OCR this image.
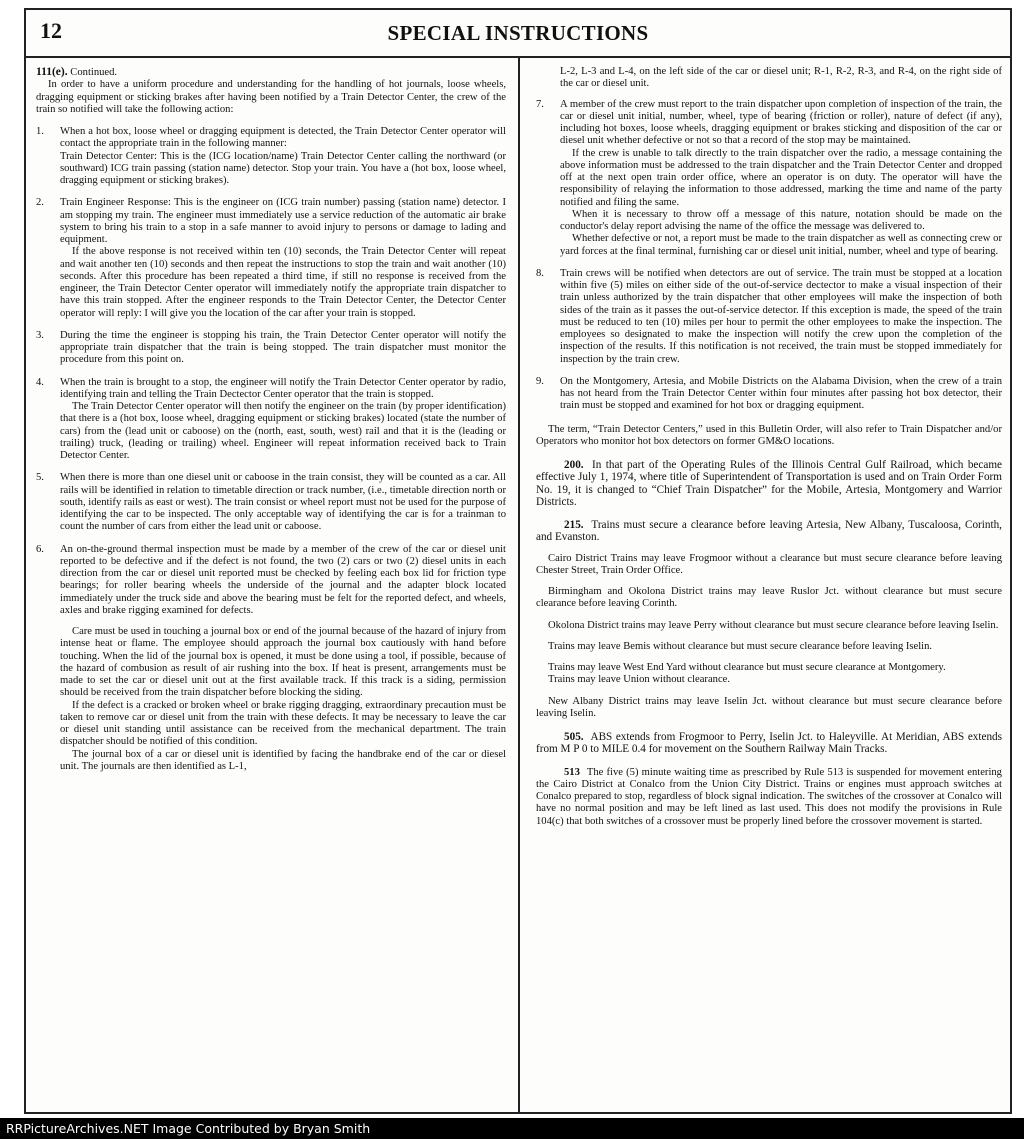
12	SPECIAL INSTRUCTIONS

111(e). Continued.

In order to have a uniform procedure and understanding for the handling of hot journals, loose wheels, dragging equipment or sticking brakes after having been notified by a Train Detector Center, the crew of the train so notified will take the following action:

1.	When a hot box, loose wheel or dragging equipment is detected, the Train Detector Center operator will contact the appropriate train in the following manner:

Train Detector Center: This is the (ICG location/name) Train Detector Center calling the northward (or southward) ICG train passing (station name) detector. Stop your train. You have a (hot box, loose wheel, dragging equipment or sticking brakes).

2.	Train Engineer Response: This is the engineer on (ICG train number) passing (station name) detector. I am stopping my train. The engineer must immediately use a service reduction of the automatic air brake system to bring his train to a stop in a safe manner to avoid injury to persons or damage to lading and equipment.

If the above response is not received within ten (10) seconds, the Train Detector Center will repeat and wait another ten (10) seconds and then repeat the instructions to stop the train and wait another (10) seconds. After this procedure has been repeated a third time, if still no response is received from the engineer, the Train Detector Center operator will immediately notify the appropriate train dispatcher to have this train stopped. After the engineer responds to the Train Detector Center, the Detector Center operator will reply: I will give you the location of the car after your train is stopped.

3.	During the time the engineer is stopping his train, the Train Detector Center operator will notify the appropriate train dispatcher that the train is being stopped. The train dispatcher must monitor the procedure from this point on.

4.	When the train is brought to a stop, the engineer will notify the Train Detector Center operator by radio, identifying train and telling the Train Dectector Center operator that the train is stopped.

The Train Detector Center operator will then notify the engineer on the train (by proper identification) that there is a (hot box, loose wheel, dragging equipment or sticking brakes) located (state the number of cars) from the (lead unit or caboose) on the (north, east, south, west) rail and that it is the (leading or trailing) truck, (leading or trailing) wheel. Engineer will repeat information received back to Train Detector Center.

5.	When there is more than one diesel unit or caboose in the train consist, they will be counted as a car. All rails will be identified in relation to timetable direction or track number, (i.e., timetable direction north or south, identify rails as east or west). The train consist or wheel report must not be used for the purpose of identifying the car to be inspected. The only acceptable way of identifying the car is for a trainman to count the number of cars from either the lead unit or caboose.

6.	An on-the-ground thermal inspection must be made by a member of the crew of the car or diesel unit reported to be defective and if the defect is not found, the two (2) cars or two (2) diesel units in each direction from the car or diesel unit reported must be checked by feeling each box lid for friction type bearings; for roller bearing wheels the underside of the journal and the adapter block located immediately under the truck side and above the bearing must be felt for the reported defect, and wheels, axles and brake rigging examined for defects.

Care must be used in touching a journal box or end of the journal because of the hazard of injury from intense heat or flame. The employee should approach the journal box cautiously with hand before touching. When the lid of the journal box is opened, it must be done using a tool, if possible, because of the hazard of combusion as result of air rushing into the box. If heat is present, arrangements must be made to set the car or diesel unit out at the first available track. If this track is a siding, permission should be received from the train dispatcher before blocking the siding.

If the defect is a cracked or broken wheel or brake rigging dragging, extraordinary precaution must be taken to remove car or diesel unit from the train with these defects. It may be necessary to leave the car or diesel unit standing until assistance can be received from the mechanical department. The train dispatcher should be notified of this condition.

The journal box of a car or diesel unit is identified by facing the handbrake end of the car or diesel unit. The journals are then identified as L-1,

L-2, L-3 and L-4, on the left side of the car or diesel unit; R-1, R-2, R-3, and R-4, on the right side of the car or diesel unit.

7.	A member of the crew must report to the train dispatcher upon completion of inspection of the train, the car or diesel unit initial, number, wheel, type of bearing (friction or roller), nature of defect (if any), including hot boxes, loose wheels, dragging equipment or brakes sticking and disposition of the car or diesel unit whether defective or not so that a record of the stop may be maintained.

If the crew is unable to talk directly to the train dispatcher over the radio, a message containing the above information must be addressed to the train dispatcher and the Train Detector Center and dropped off at the next open train order office, where an operator is on duty. The operator will have the responsibility of relaying the information to those addressed, marking the time and name of the party notified and filing the same.

When it is necessary to throw off a message of this nature, notation should be made on the conductor's delay report advising the name of the office the message was delivered to.

Whether defective or not, a report must be made to the train dispatcher as well as connecting crew or yard forces at the final terminal, furnishing car or diesel unit initial, number, wheel and type of bearing.

8.	Train crews will be notified when detectors are out of service. The train must be stopped at a location within five (5) miles on either side of the out-of-service dectector to make a visual inspection of their train unless authorized by the train dispatcher that other employees will make the inspection of both sides of the train as it passes the out-of-service detector. If this exception is made, the speed of the train must be reduced to ten (10) miles per hour to permit the other employees to make the inspection. The employees so designated to make the inspection will notify the crew upon the completion of the inspection of the results. If this notification is not received, the train must be stopped immediately for inspection by the train crew.

9.	On the Montgomery, Artesia, and Mobile Districts on the Alabama Division, when the crew of a train has not heard from the Train Detector Center within four minutes after passing hot box detector, their train must be stopped and examined for hot box or dragging equipment.

The term, “Train Detector Centers,” used in this Bulletin Order, will also refer to Train Dispatcher and/or Operators who monitor hot box detectors on former GM&O locations.

200. In that part of the Operating Rules of the Illinois Central Gulf Railroad, which became effective July 1, 1974, where title of Superintendent of Transportation is used and on Train Order Form No. 19, it is changed to “Chief Train Dispatcher” for the Mobile, Artesia, Montgomery and Warrior Districts.

215. Trains must secure a clearance before leaving Artesia, New Albany, Tuscaloosa, Corinth, and Evanston.

Cairo District Trains may leave Frogmoor without a clearance but must secure clearance before leaving Chester Street, Train Order Office.

Birmingham and Okolona District trains may leave Ruslor Jct. without clearance but must secure clearance before leaving Corinth.

Okolona District trains may leave Perry without clearance but must secure clearance before leaving Iselin.

Trains may leave Bemis without clearance but must secure clearance before leaving Iselin.

Trains may leave West End Yard without clearance but must secure clearance at Montgomery.

Trains may leave Union without clearance.

New Albany District trains may leave Iselin Jct. without clearance but must secure clearance before leaving Iselin.

505. ABS extends from Frogmoor to Perry, Iselin Jct. to Haleyville. At Meridian, ABS extends from M P 0 to MILE 0.4 for movement on the Southern Railway Main Tracks.

513 The five (5) minute waiting time as prescribed by Rule 513 is suspended for movement entering the Cairo District at Conalco from the Union City District. Trains or engines must approach switches at Conalco prepared to stop, regardless of block signal indication. The switches of the crossover at Conalco will have no normal position and may be left lined as last used. This does not modify the provisions in Rule 104(c) that both switches of a crossover must be properly lined before the crossover movement is started.

RRPictureArchives.NET Image Contributed by Bryan Smith
